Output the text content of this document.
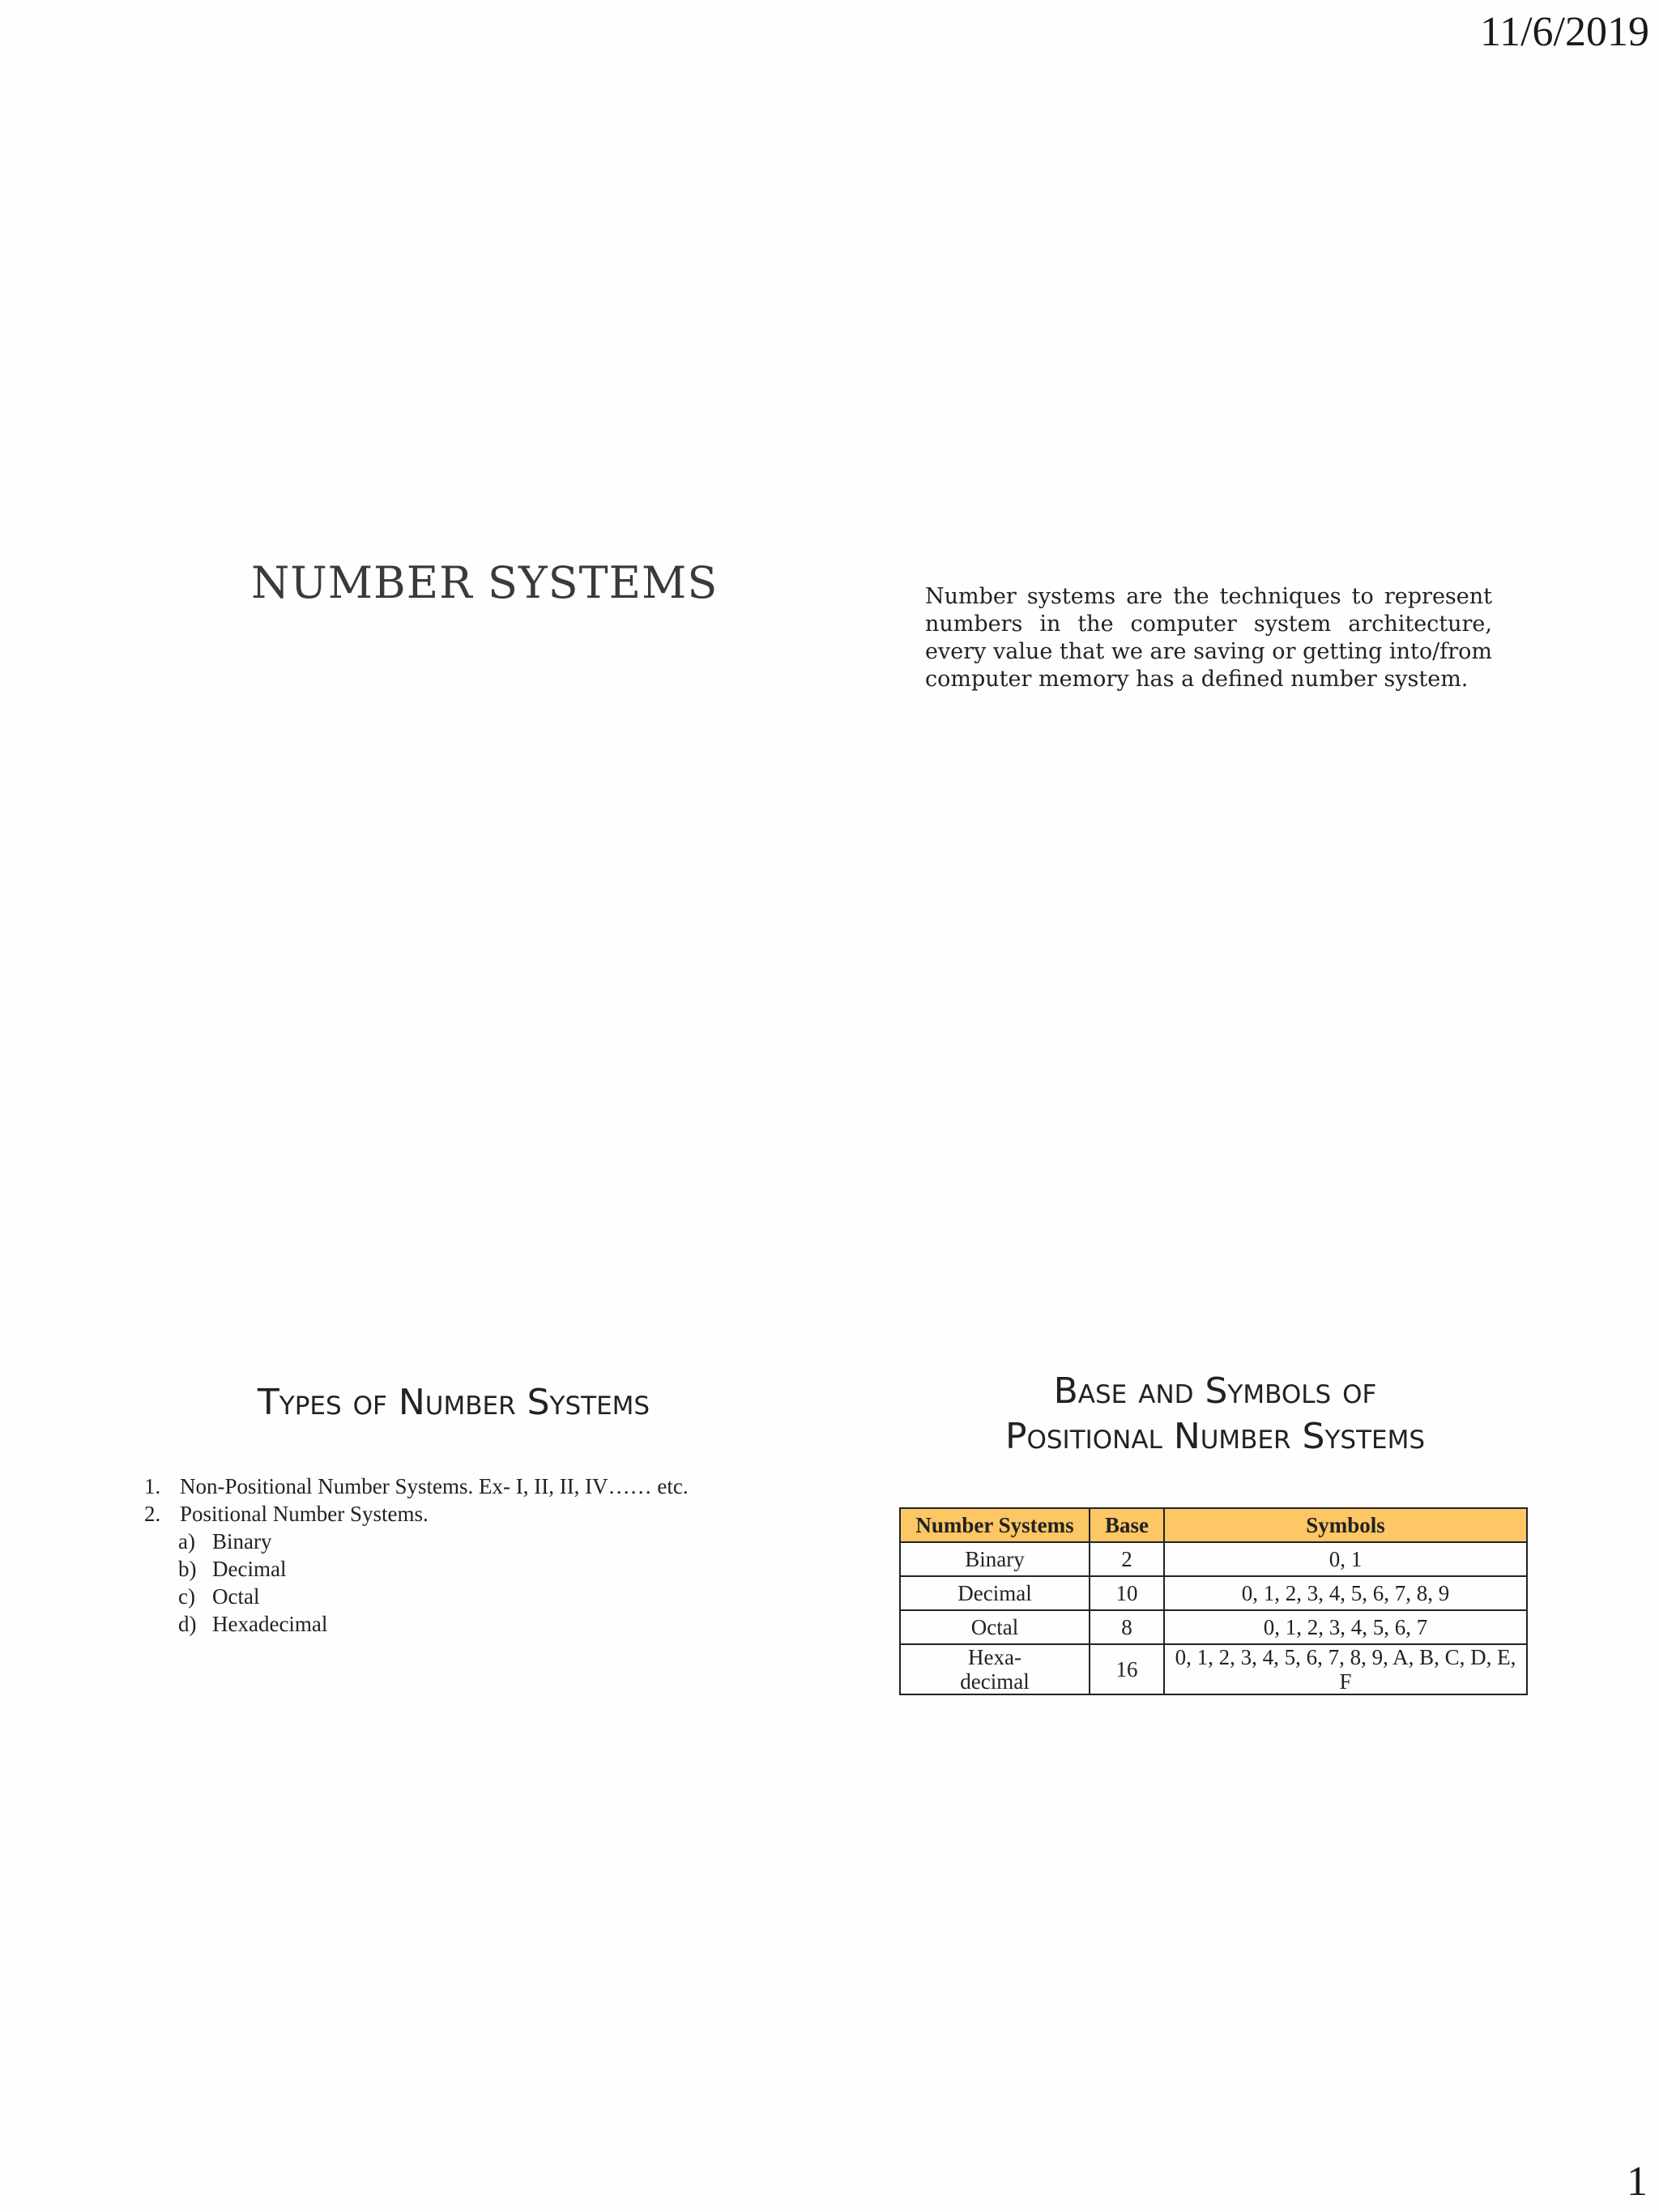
11/6/2019
NUMBER SYSTEMS	Number systems are the techniques to represent numbers in the computer system architecture, every value that we are saving or getting into/from computer memory has a defined number system.
Types of Number Systems
1. Non-Positional Number Systems. Ex- I, II, II, IV…… etc.
2. Positional Number Systems.
a) Binary
b) Decimal
c) Octal
d) Hexadecimal
Base and Symbols of
Positional Number Systems
Number Systems	Base	Symbols
Binary	2	0, 1
Decimal	10	0, 1, 2, 3, 4, 5, 6, 7, 8, 9
Octal	8	0, 1, 2, 3, 4, 5, 6, 7
Hexa-
decimal	16	0, 1, 2, 3, 4, 5, 6, 7, 8, 9, A, B, C, D, E, F
1
